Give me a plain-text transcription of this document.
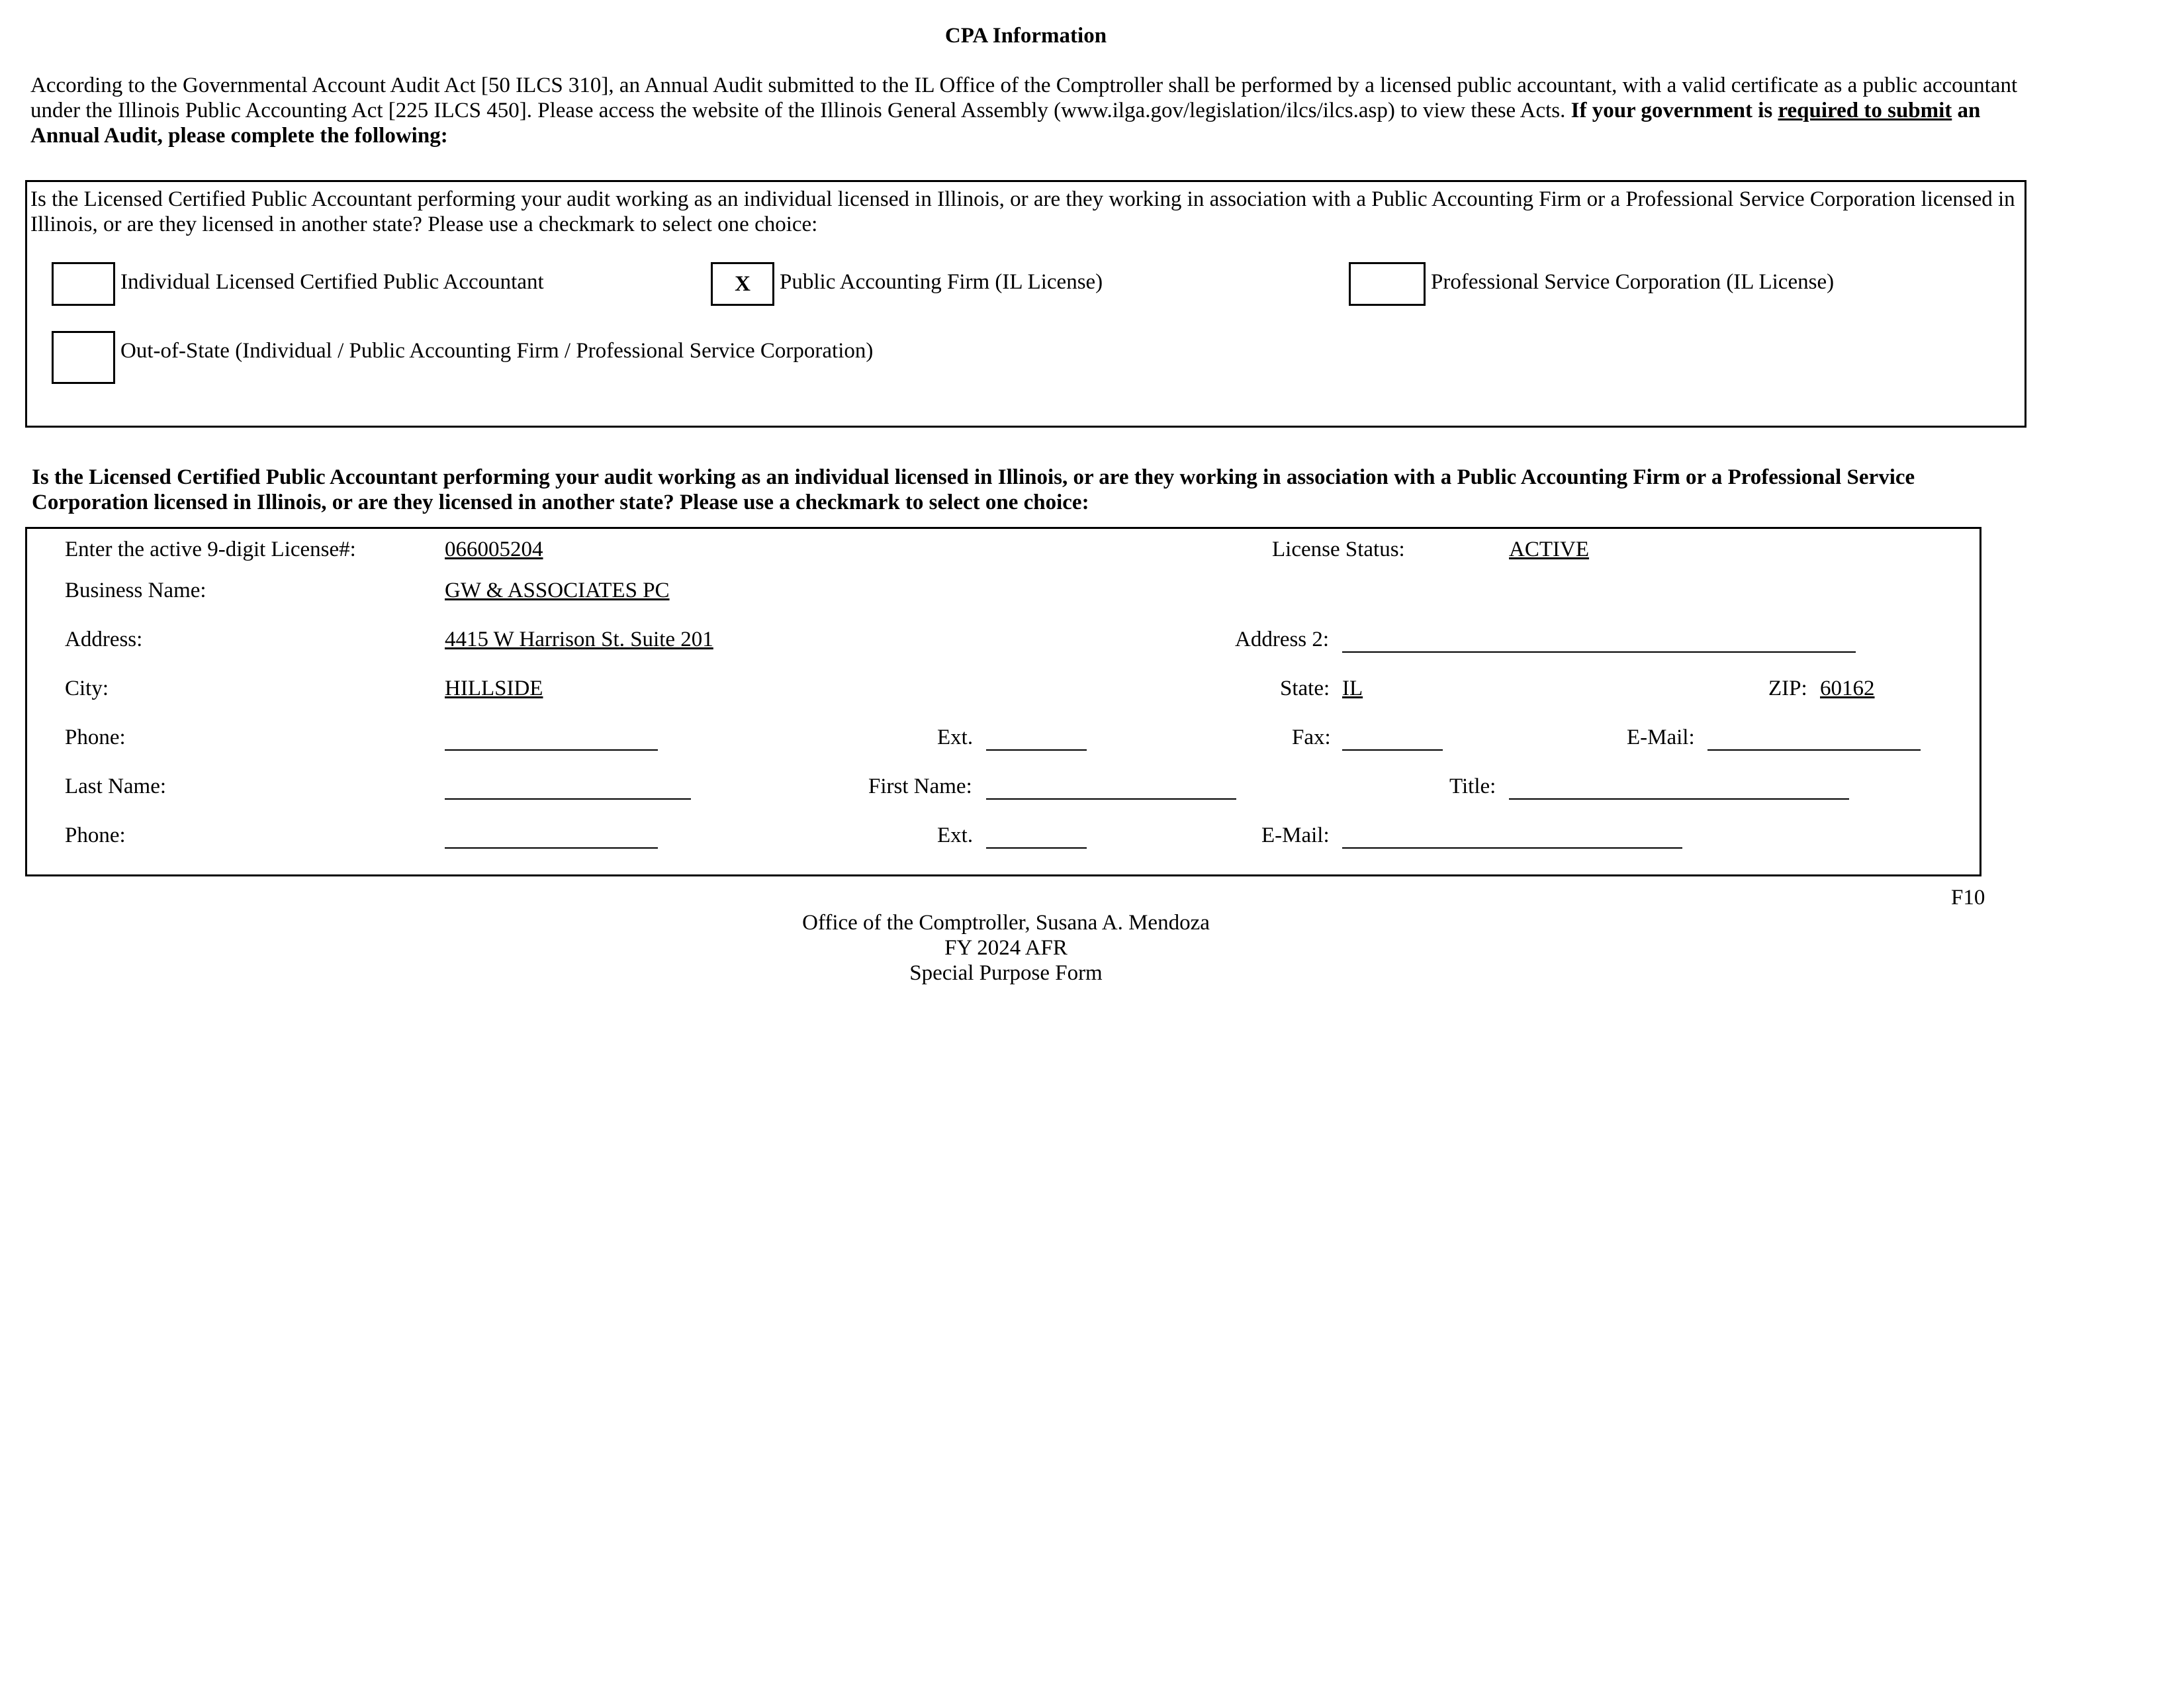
CPA Information
According to the Governmental Account Audit Act [50 ILCS 310], an Annual Audit submitted to the IL Office of the Comptroller shall be performed by a licensed public accountant, with a valid certificate as a public accountant under the Illinois Public Accounting Act [225 ILCS 450]. Please access the website of the Illinois General Assembly (www.ilga.gov/legislation/ilcs/ilcs.asp) to view these Acts. If your government is required to submit an Annual Audit, please complete the following:
Is the Licensed Certified Public Accountant performing your audit working as an individual licensed in Illinois, or are they working in association with a Public Accounting Firm or a Professional Service Corporation licensed in Illinois, or are they licensed in another state? Please use a checkmark to select one choice:
Individual Licensed Certified Public Accountant	X	Public Accounting Firm (IL License)	Professional Service Corporation (IL License)
Out-of-State (Individual / Public Accounting Firm / Professional Service Corporation)
Is the Licensed Certified Public Accountant performing your audit working as an individual licensed in Illinois, or are they working in association with a Public Accounting Firm or a Professional Service Corporation licensed in Illinois, or are they licensed in another state? Please use a checkmark to select one choice:
Enter the active 9-digit License#:	066005204	License Status:	ACTIVE
Business Name:	GW & ASSOCIATES PC
Address:	4415 W Harrison St. Suite 201	Address 2:
City:	HILLSIDE	State: IL	ZIP: 60162
Phone:	Ext.	Fax:	E-Mail:
Last Name:	First Name:	Title:
Phone:	Ext.	E-Mail:
F10
Office of the Comptroller, Susana A. Mendoza
FY 2024 AFR
Special Purpose Form
